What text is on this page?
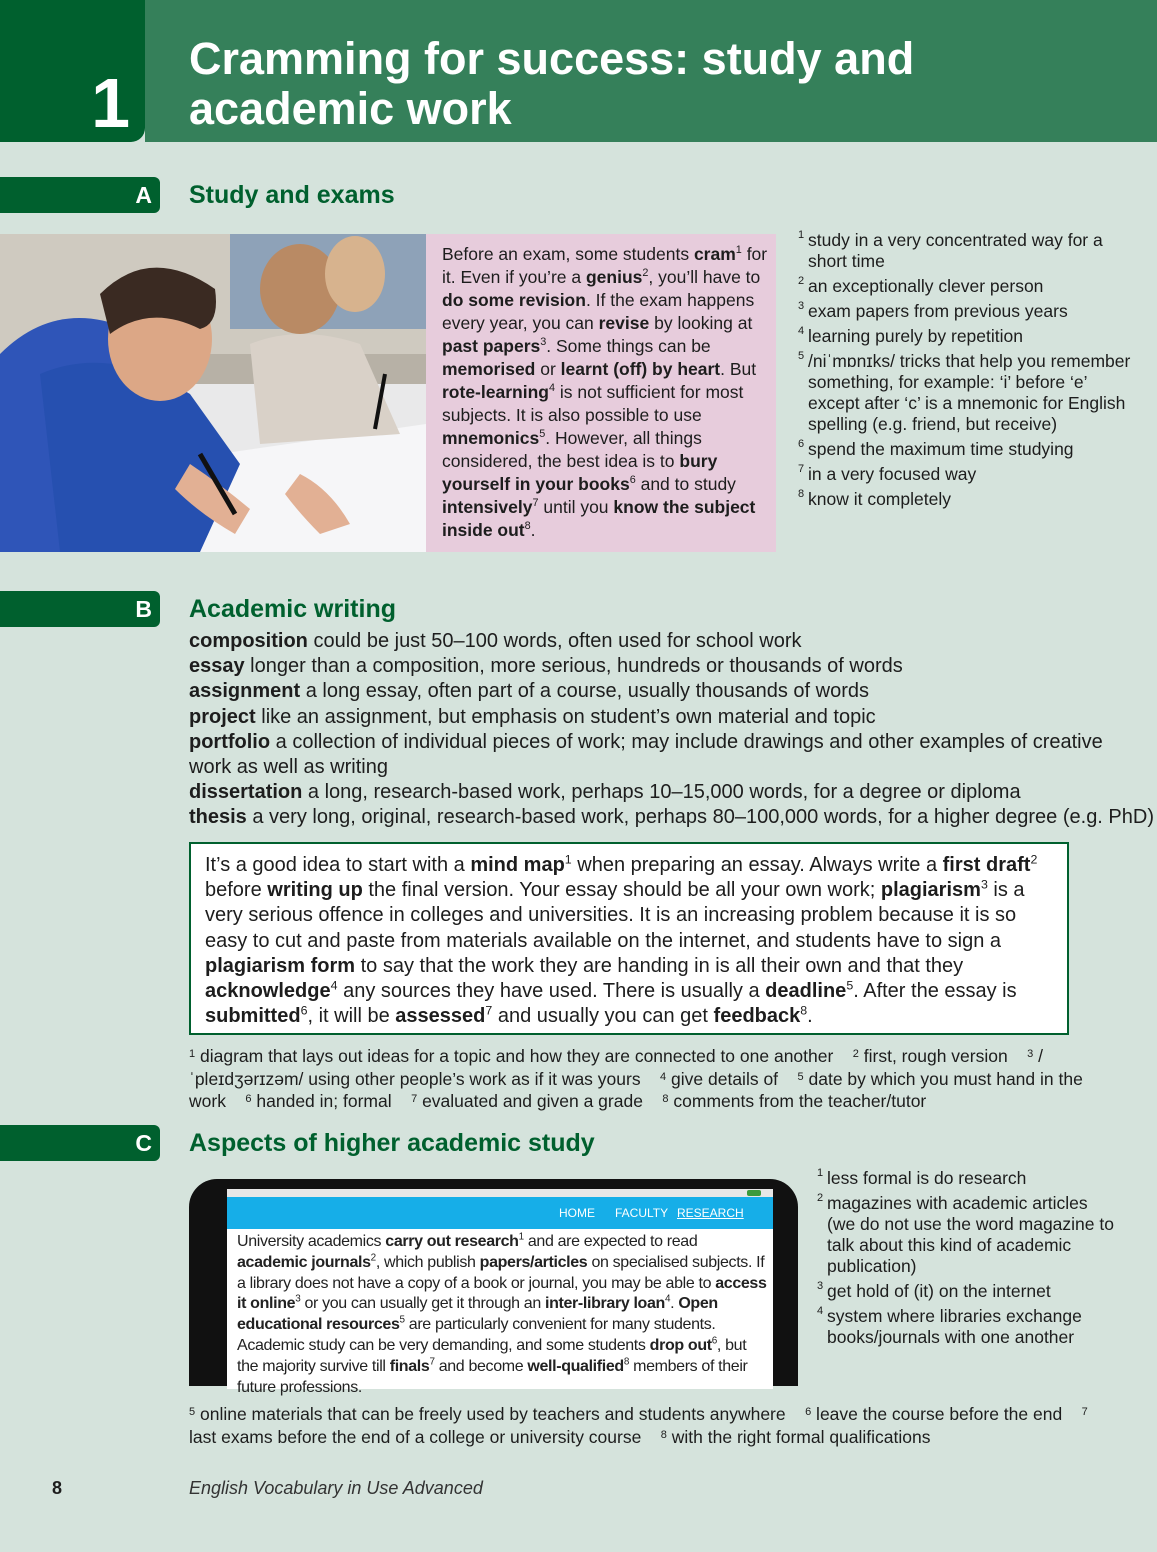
1
Cramming for success: study and academic work
A	Study and exams
Before an exam, some students cram$^1$ for it. Even if you’re a genius$^2$, you’ll have to do some revision. If the exam happens every year, you can revise by looking at past papers$^3$. Some things can be memorised or learnt (off) by heart. But rote-learning$^4$ is not sufficient for most subjects. It is also possible to use mnemonics$^5$. However, all things considered, the best idea is to bury yourself in your books$^6$ and to study intensively$^7$ until you know the subject inside out$^8$.
1 study in a very concentrated way for a short time
2 an exceptionally clever person
3 exam papers from previous years
4 learning purely by repetition
5 /niˈmɒnɪks/ tricks that help you remember something, for example: ‘i’ before ‘e’ except after ‘c’ is a mnemonic for English spelling (e.g. friend, but receive)
6 spend the maximum time studying
7 in a very focused way
8 know it completely
B	Academic writing
composition could be just 50–100 words, often used for school work
essay longer than a composition, more serious, hundreds or thousands of words
assignment a long essay, often part of a course, usually thousands of words
project like an assignment, but emphasis on student’s own material and topic
portfolio a collection of individual pieces of work; may include drawings and other examples of creative work as well as writing
dissertation a long, research-based work, perhaps 10–15,000 words, for a degree or diploma
thesis a very long, original, research-based work, perhaps 80–100,000 words, for a higher degree (e.g. PhD)
It’s a good idea to start with a mind map$^1$ when preparing an essay. Always write a first draft$^2$ before writing up the final version. Your essay should be all your own work; plagiarism$^3$ is a very serious offence in colleges and universities. It is an increasing problem because it is so easy to cut and paste from materials available on the internet, and students have to sign a plagiarism form to say that the work they are handing in is all their own and that they acknowledge$^4$ any sources they have used. There is usually a deadline$^5$. After the essay is submitted$^6$, it will be assessed$^7$ and usually you can get feedback$^8$.
$^1$ diagram that lays out ideas for a topic and how they are connected to one another    $^2$ first, rough version    $^3$ /ˈpleɪdʒərɪzəm/ using other people’s work as if it was yours    $^4$ give details of    $^5$ date by which you must hand in the work    $^6$ handed in; formal    $^7$ evaluated and given a grade    $^8$ comments from the teacher/tutor
C	Aspects of higher academic study
HOME FACULTY RESEARCH
University academics carry out research$^1$ and are expected to read academic journals$^2$, which publish papers/articles on specialised subjects. If a library does not have a copy of a book or journal, you may be able to access it online$^3$ or you can usually get it through an inter-library loan$^4$. Open educational resources$^5$ are particularly convenient for many students. Academic study can be very demanding, and some students drop out$^6$, but the majority survive till finals$^7$ and become well-qualified$^8$ members of their future professions.
1 less formal is do research
2 magazines with academic articles (we do not use the word magazine to talk about this kind of academic publication)
3 get hold of (it) on the internet
4 system where libraries exchange books/journals with one another
$^5$ online materials that can be freely used by teachers and students anywhere    $^6$ leave the course before the end    $^7$ last exams before the end of a college or university course    $^8$ with the right formal qualifications
8	English Vocabulary in Use Advanced
